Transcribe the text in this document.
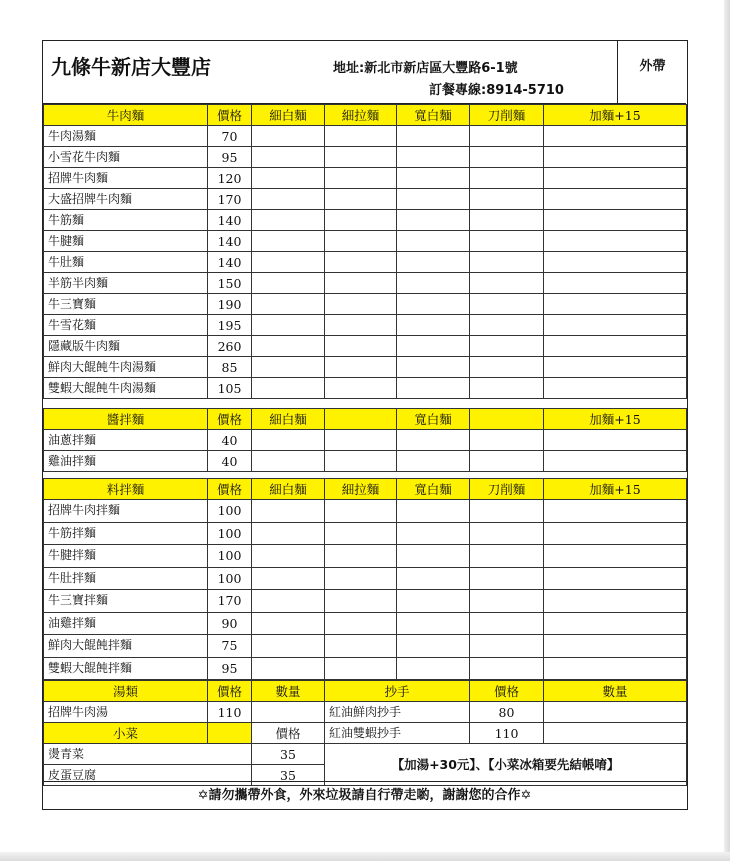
九條牛新店大豐店	地址:新北市新店區大豐路6-1號
訂餐專線:8914-5710
外帶
牛肉麵	價格	細白麵	細拉麵	寬白麵	刀削麵	加麵+15
牛肉湯麵	70					
小雪花牛肉麵	95					
招牌牛肉麵	120					
大盛招牌牛肉麵	170					
牛筋麵	140					
牛腱麵	140					
牛肚麵	140					
半筋半肉麵	150					
牛三寶麵	190					
牛雪花麵	195					
隱藏版牛肉麵	260					
鮮肉大餛飩牛肉湯麵	85					
雙蝦大餛飩牛肉湯麵	105					
醬拌麵	價格	細白麵		寬白麵		加麵+15
油蔥拌麵	40					
雞油拌麵	40					
料拌麵	價格	細白麵	細拉麵	寬白麵	刀削麵	加麵+15
招牌牛肉拌麵	100					
牛筋拌麵	100					
牛腱拌麵	100					
牛肚拌麵	100					
牛三寶拌麵	170					
油雞拌麵	90					
鮮肉大餛飩拌麵	75					
雙蝦大餛飩拌麵	95					
湯類	價格	數量	抄手	價格	數量
招牌牛肉湯	110		紅油鮮肉抄手	80	
小菜		價格	紅油雙蝦抄手	110	
燙青菜		35	【加湯+30元】、【小菜冰箱要先結帳唷】		
皮蛋豆腐		35			
✡請勿攜帶外食，外來垃圾請自行帶走喲，謝謝您的合作✡
